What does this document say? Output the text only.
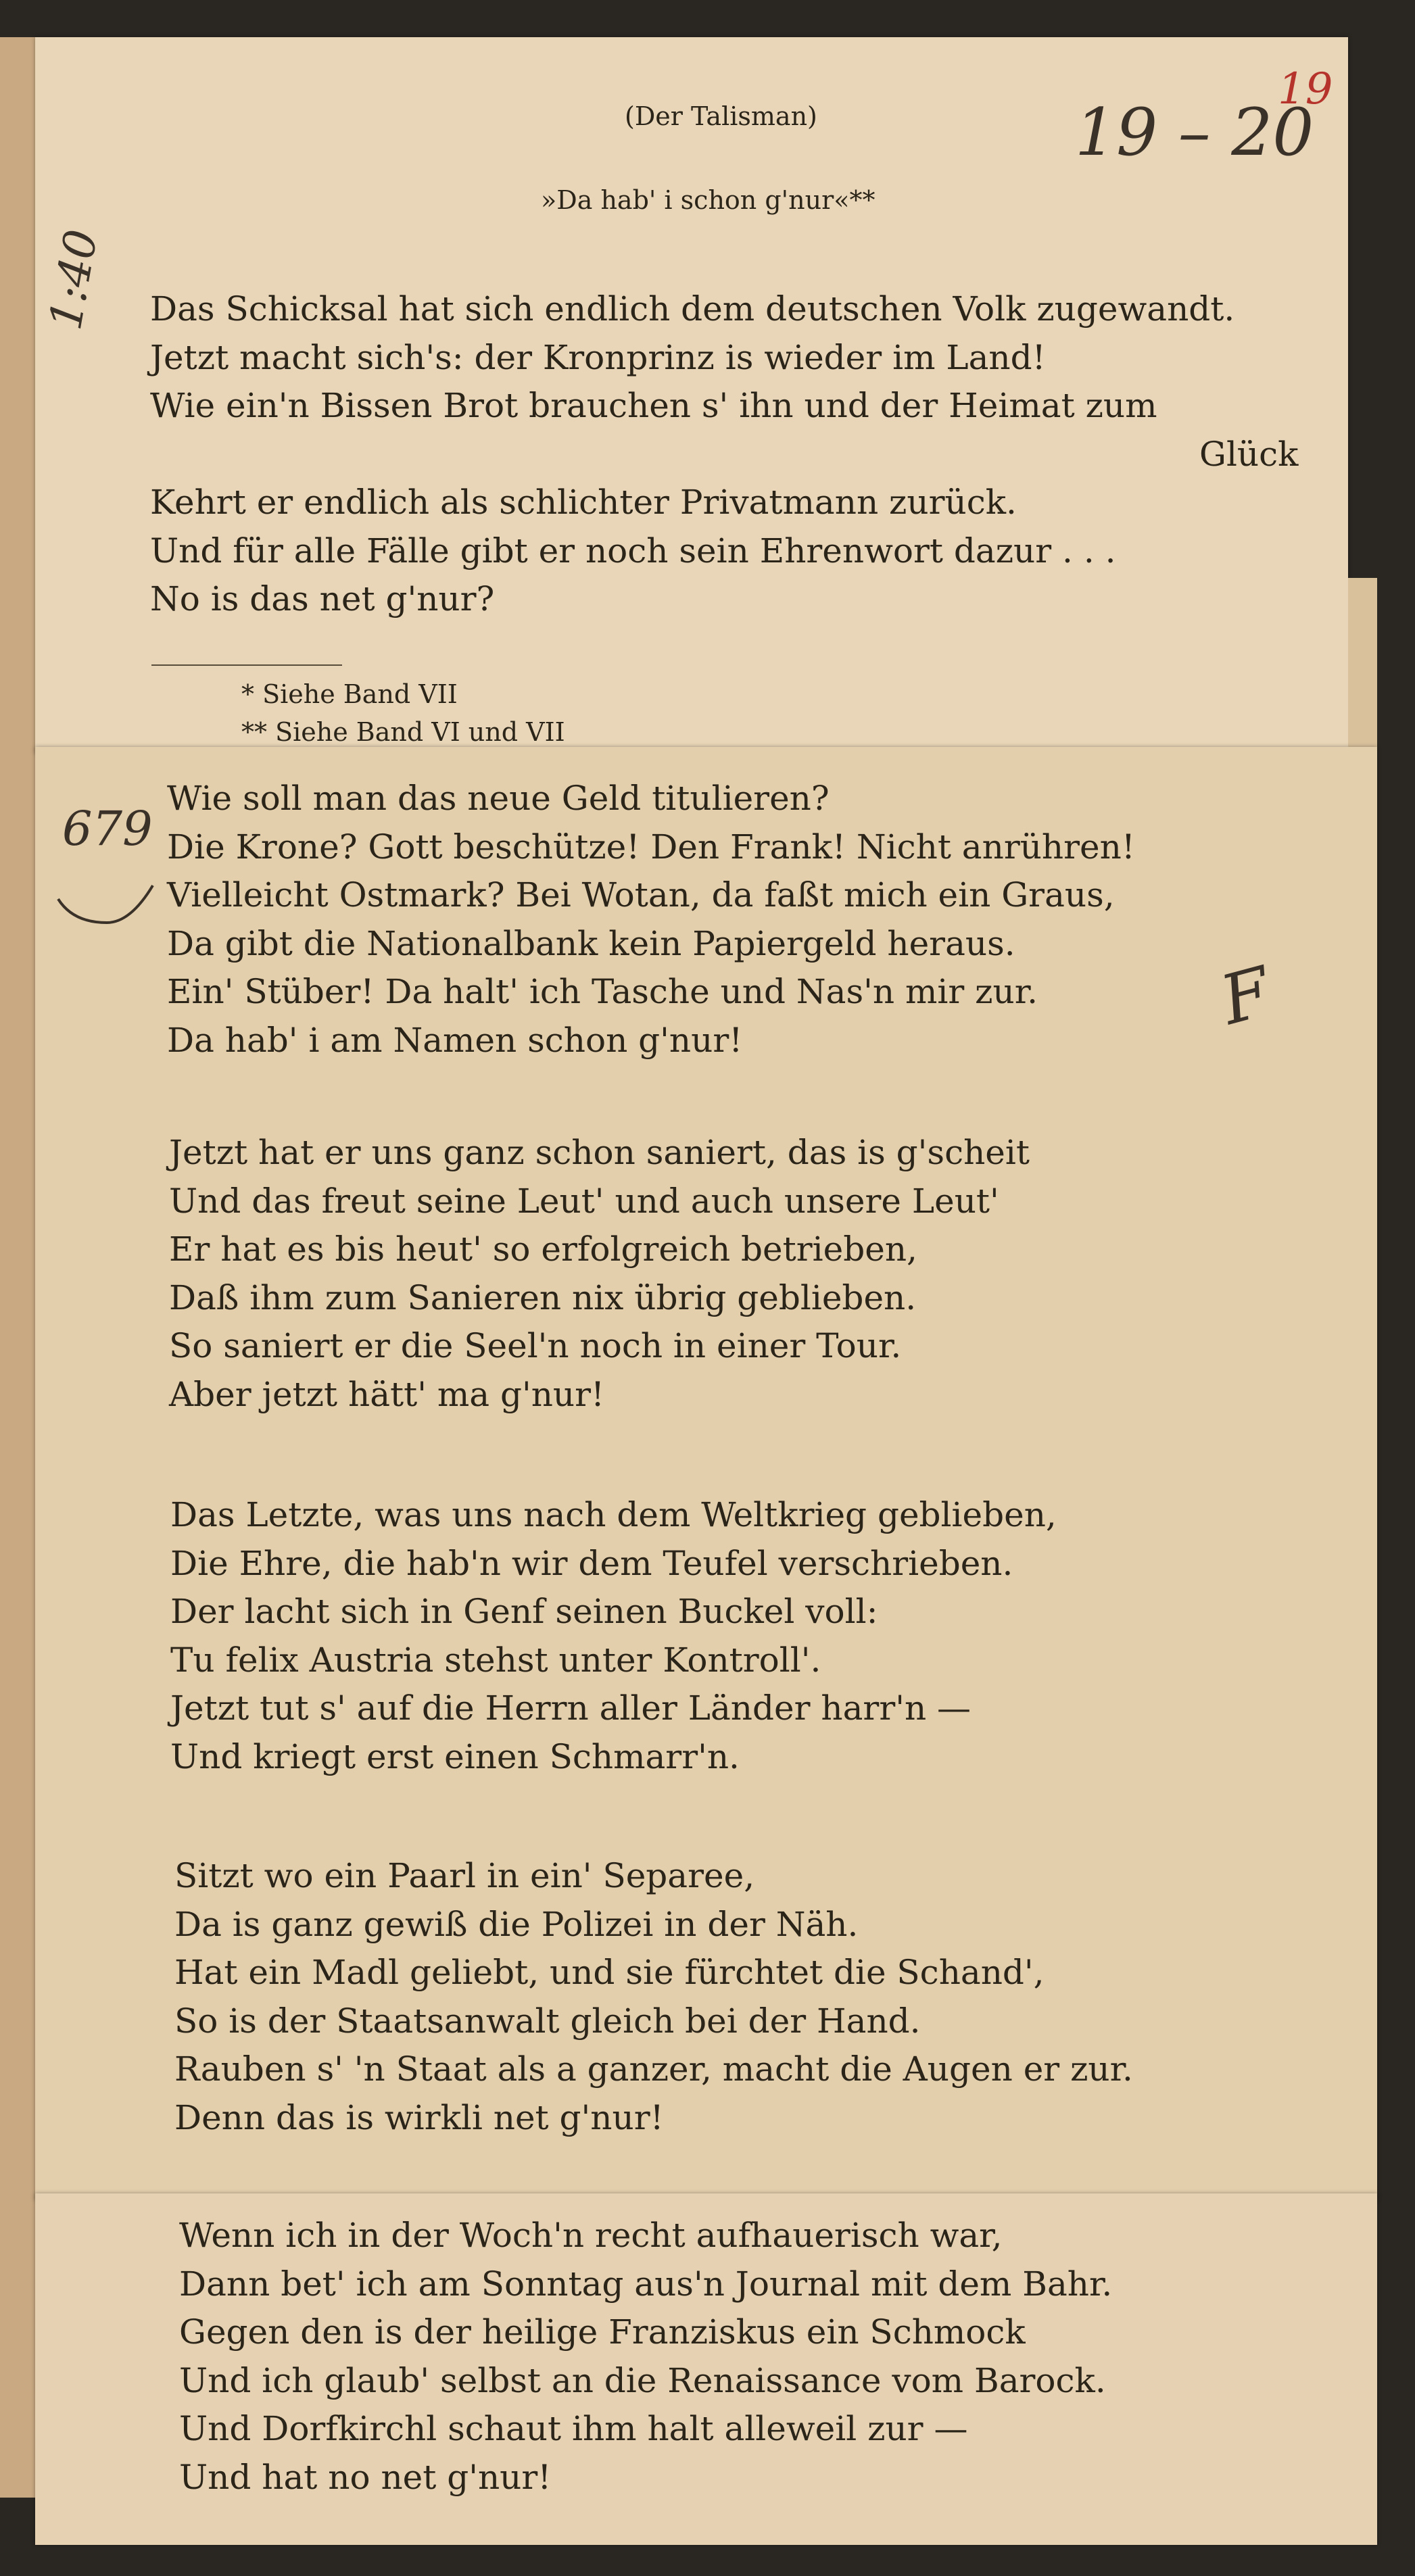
(Der Talisman)
»Da hab' i schon g'nur«**
Das Schicksal hat sich endlich dem deutschen Volk zugewandt.
Jetzt macht sich's: der Kronprinz is wieder im Land!
Wie ein'n Bissen Brot brauchen s' ihn und der Heimat zum
Glück
Kehrt er endlich als schlichter Privatmann zurück.
Und für alle Fälle gibt er noch sein Ehrenwort dazur . . .
No is das net g'nur?
* Siehe Band VII
** Siehe Band VI und VII
Wie soll man das neue Geld titulieren?
Die Krone? Gott beschütze! Den Frank! Nicht anrühren!
Vielleicht Ostmark? Bei Wotan, da faßt mich ein Graus,
Da gibt die Nationalbank kein Papiergeld heraus.
Ein' Stüber! Da halt' ich Tasche und Nas'n mir zur.
Da hab' i am Namen schon g'nur!
Jetzt hat er uns ganz schon saniert, das is g'scheit
Und das freut seine Leut' und auch unsere Leut'
Er hat es bis heut' so erfolgreich betrieben,
Daß ihm zum Sanieren nix übrig geblieben.
So saniert er die Seel'n noch in einer Tour.
Aber jetzt hätt' ma g'nur!
Das Letzte, was uns nach dem Weltkrieg geblieben,
Die Ehre, die hab'n wir dem Teufel verschrieben.
Der lacht sich in Genf seinen Buckel voll:
Tu felix Austria stehst unter Kontroll'.
Jetzt tut s' auf die Herrn aller Länder harr'n —
Und kriegt erst einen Schmarr'n.
Sitzt wo ein Paarl in ein' Separee,
Da is ganz gewiß die Polizei in der Näh.
Hat ein Madl geliebt, und sie fürchtet die Schand',
So is der Staatsanwalt gleich bei der Hand.
Rauben s' 'n Staat als a ganzer, macht die Augen er zur.
Denn das is wirkli net g'nur!
Wenn ich in der Woch'n recht aufhauerisch war,
Dann bet' ich am Sonntag aus'n Journal mit dem Bahr.
Gegen den is der heilige Franziskus ein Schmock
Und ich glaub' selbst an die Renaissance vom Barock.
Und Dorfkirchl schaut ihm halt alleweil zur —
Und hat no net g'nur!
19
19 – 20
1:40
679
F
